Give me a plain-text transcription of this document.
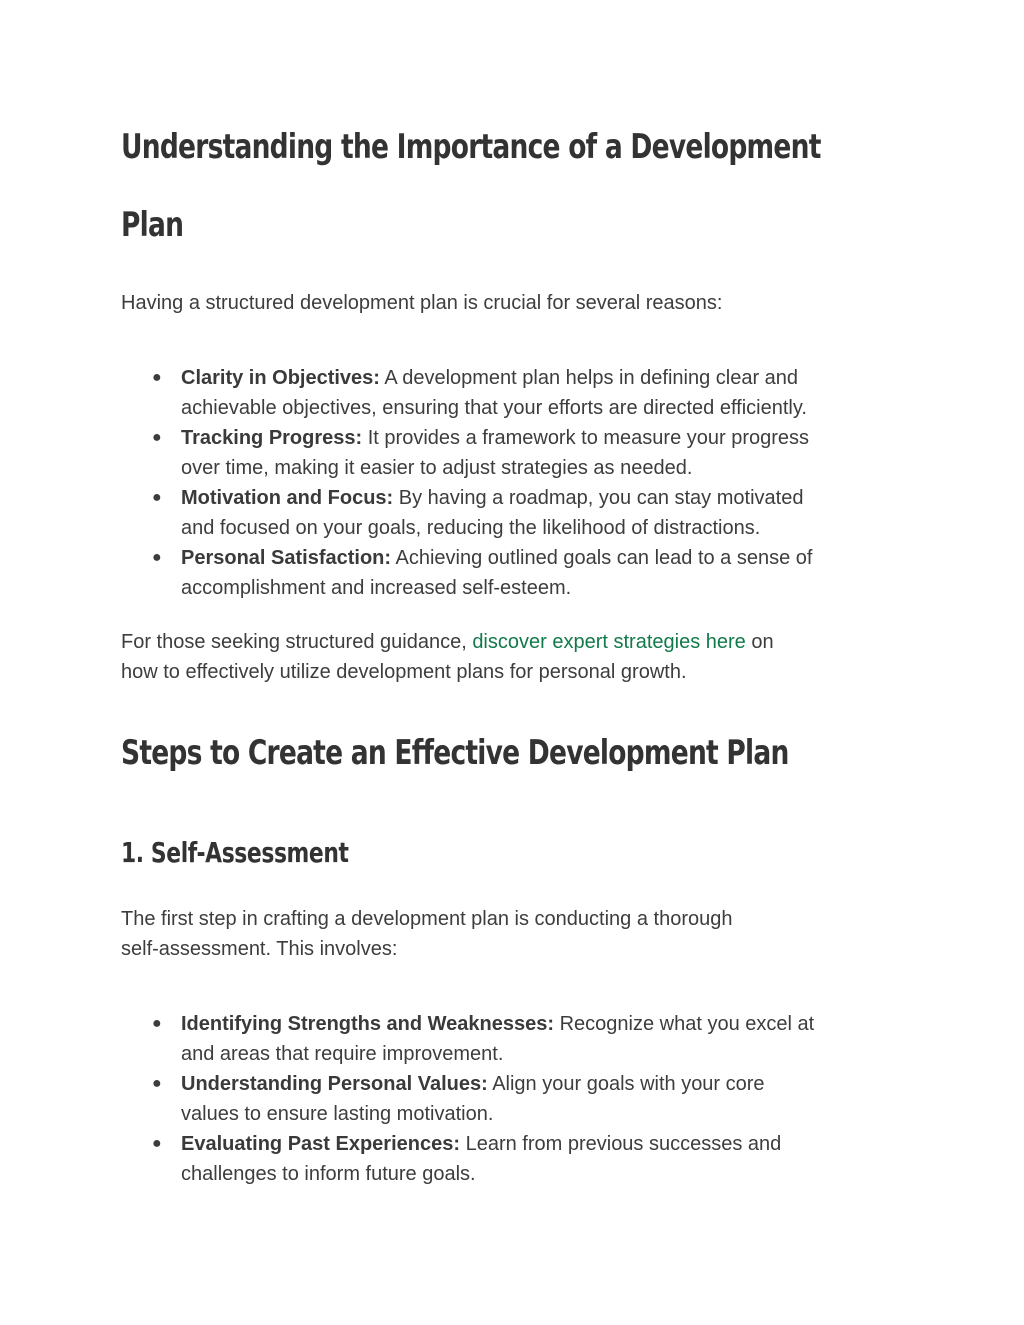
Understanding the Importance of a Development
Plan

Having a structured development plan is crucial for several reasons:

● Clarity in Objectives: A development plan helps in defining clear and
achievable objectives, ensuring that your efforts are directed efficiently.
● Tracking Progress: It provides a framework to measure your progress
over time, making it easier to adjust strategies as needed.
● Motivation and Focus: By having a roadmap, you can stay motivated
and focused on your goals, reducing the likelihood of distractions.
● Personal Satisfaction: Achieving outlined goals can lead to a sense of
accomplishment and increased self-esteem.

For those seeking structured guidance, discover expert strategies here on
how to effectively utilize development plans for personal growth.

Steps to Create an Effective Development Plan
1. Self-Assessment

The first step in crafting a development plan is conducting a thorough
self-assessment. This involves:

● Identifying Strengths and Weaknesses: Recognize what you excel at
and areas that require improvement.
● Understanding Personal Values: Align your goals with your core
values to ensure lasting motivation.
● Evaluating Past Experiences: Learn from previous successes and
challenges to inform future goals.
